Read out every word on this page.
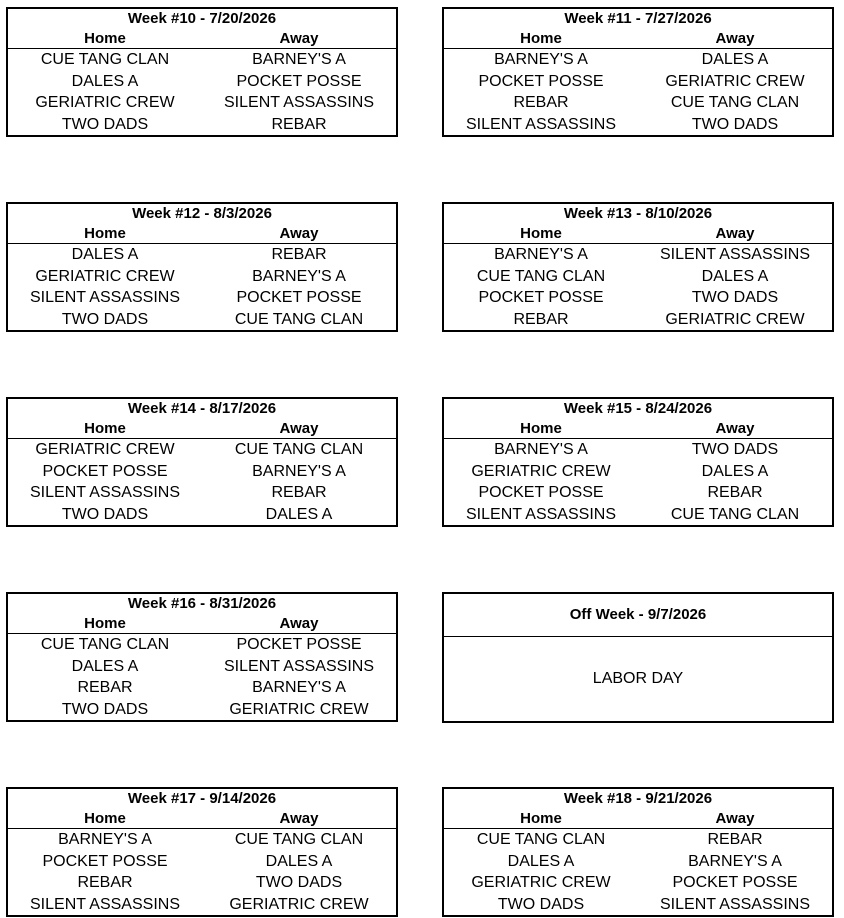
Week #10 - 7/20/2026
Home	Away
CUE TANG CLAN	BARNEY'S A
DALES A	POCKET POSSE
GERIATRIC CREW	SILENT ASSASSINS
TWO DADS	REBAR
Week #11 - 7/27/2026
Home	Away
BARNEY'S A	DALES A
POCKET POSSE	GERIATRIC CREW
REBAR	CUE TANG CLAN
SILENT ASSASSINS	TWO DADS
Week #12 - 8/3/2026
Home	Away
DALES A	REBAR
GERIATRIC CREW	BARNEY'S A
SILENT ASSASSINS	POCKET POSSE
TWO DADS	CUE TANG CLAN
Week #13 - 8/10/2026
Home	Away
BARNEY'S A	SILENT ASSASSINS
CUE TANG CLAN	DALES A
POCKET POSSE	TWO DADS
REBAR	GERIATRIC CREW
Week #14 - 8/17/2026
Home	Away
GERIATRIC CREW	CUE TANG CLAN
POCKET POSSE	BARNEY'S A
SILENT ASSASSINS	REBAR
TWO DADS	DALES A
Week #15 - 8/24/2026
Home	Away
BARNEY'S A	TWO DADS
GERIATRIC CREW	DALES A
POCKET POSSE	REBAR
SILENT ASSASSINS	CUE TANG CLAN
Week #16 - 8/31/2026
Home	Away
CUE TANG CLAN	POCKET POSSE
DALES A	SILENT ASSASSINS
REBAR	BARNEY'S A
TWO DADS	GERIATRIC CREW
Off Week - 9/7/2026
LABOR DAY
Week #17 - 9/14/2026
Home	Away
BARNEY'S A	CUE TANG CLAN
POCKET POSSE	DALES A
REBAR	TWO DADS
SILENT ASSASSINS	GERIATRIC CREW
Week #18 - 9/21/2026
Home	Away
CUE TANG CLAN	REBAR
DALES A	BARNEY'S A
GERIATRIC CREW	POCKET POSSE
TWO DADS	SILENT ASSASSINS
